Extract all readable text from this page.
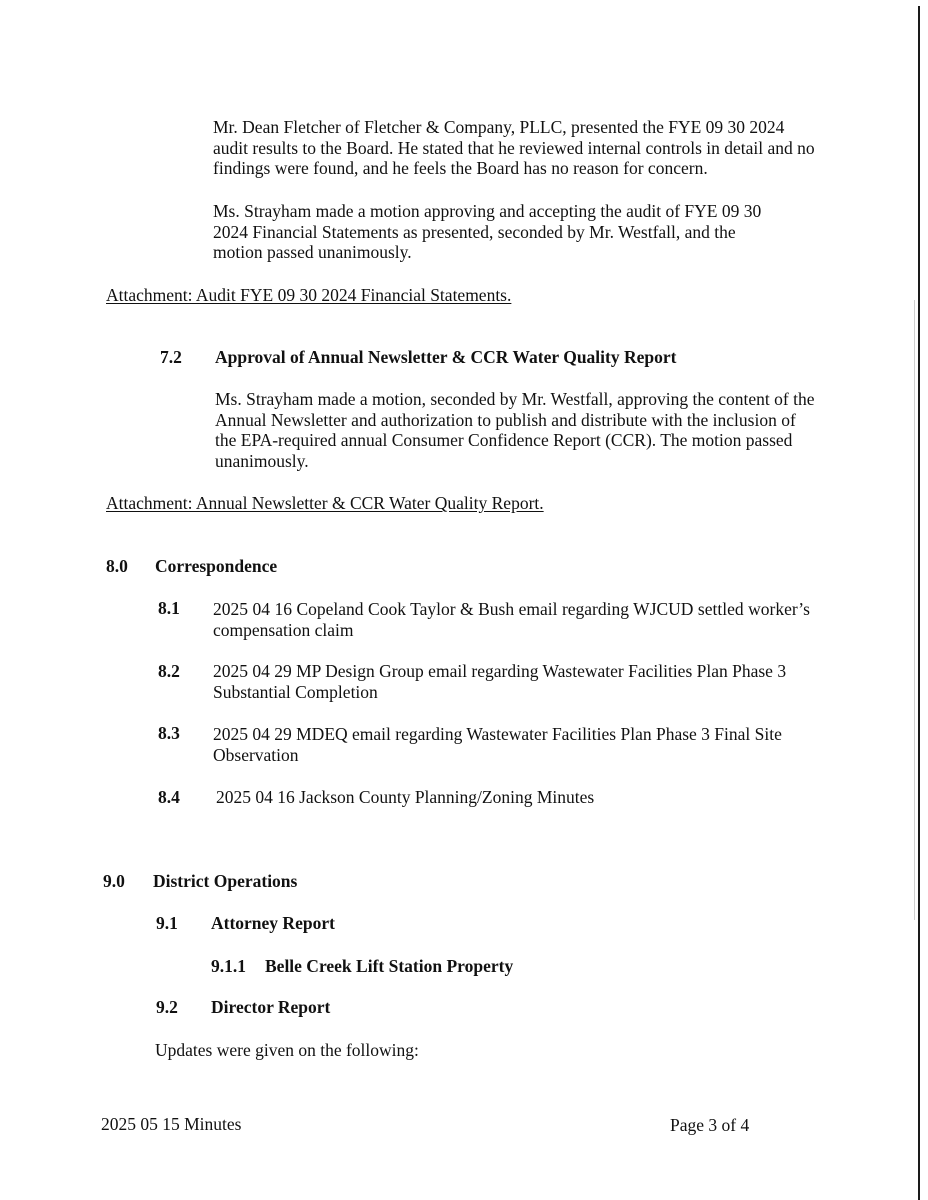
Mr. Dean Fletcher of Fletcher & Company, PLLC, presented the FYE 09 30 2024 audit results to the Board. He stated that he reviewed internal controls in detail and no findings were found, and he feels the Board has no reason for concern.
Ms. Strayham made a motion approving and accepting the audit of FYE 09 30 2024 Financial Statements as presented, seconded by Mr. Westfall, and the motion passed unanimously.
Attachment: Audit FYE 09 30 2024 Financial Statements.
7.2 Approval of Annual Newsletter & CCR Water Quality Report
Ms. Strayham made a motion, seconded by Mr. Westfall, approving the content of the Annual Newsletter and authorization to publish and distribute with the inclusion of the EPA-required annual Consumer Confidence Report (CCR). The motion passed unanimously.
Attachment: Annual Newsletter & CCR Water Quality Report.
8.0 Correspondence
8.1 2025 04 16 Copeland Cook Taylor & Bush email regarding WJCUD settled worker’s compensation claim
8.2 2025 04 29 MP Design Group email regarding Wastewater Facilities Plan Phase 3 Substantial Completion
8.3 2025 04 29 MDEQ email regarding Wastewater Facilities Plan Phase 3 Final Site Observation
8.4 2025 04 16 Jackson County Planning/Zoning Minutes
9.0 District Operations
9.1 Attorney Report
9.1.1 Belle Creek Lift Station Property
9.2 Director Report
Updates were given on the following:
2025 05 15 Minutes	Page 3 of 4
